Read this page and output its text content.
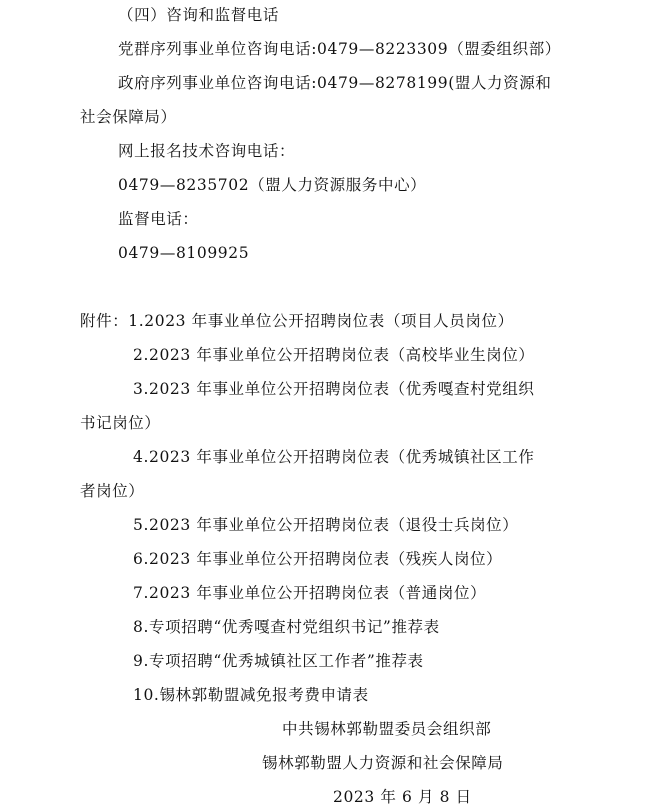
（四）咨询和监督电话
党群序列事业单位咨询电话:0479—8223309（盟委组织部）
政府序列事业单位咨询电话:0479—8278199(盟人力资源和
社会保障局）
网上报名技术咨询电话：
0479—8235702（盟人力资源服务中心）
监督电话：
0479—8109925
附件：1.2023 年事业单位公开招聘岗位表（项目人员岗位）
2.2023 年事业单位公开招聘岗位表（高校毕业生岗位）
3.2023 年事业单位公开招聘岗位表（优秀嘎查村党组织
书记岗位）
4.2023 年事业单位公开招聘岗位表（优秀城镇社区工作
者岗位）
5.2023 年事业单位公开招聘岗位表（退役士兵岗位）
6.2023 年事业单位公开招聘岗位表（残疾人岗位）
7.2023 年事业单位公开招聘岗位表（普通岗位）
8.专项招聘“优秀嘎查村党组织书记”推荐表
9.专项招聘“优秀城镇社区工作者”推荐表
10.锡林郭勒盟减免报考费申请表
中共锡林郭勒盟委员会组织部
锡林郭勒盟人力资源和社会保障局
2023 年 6 月 8 日
